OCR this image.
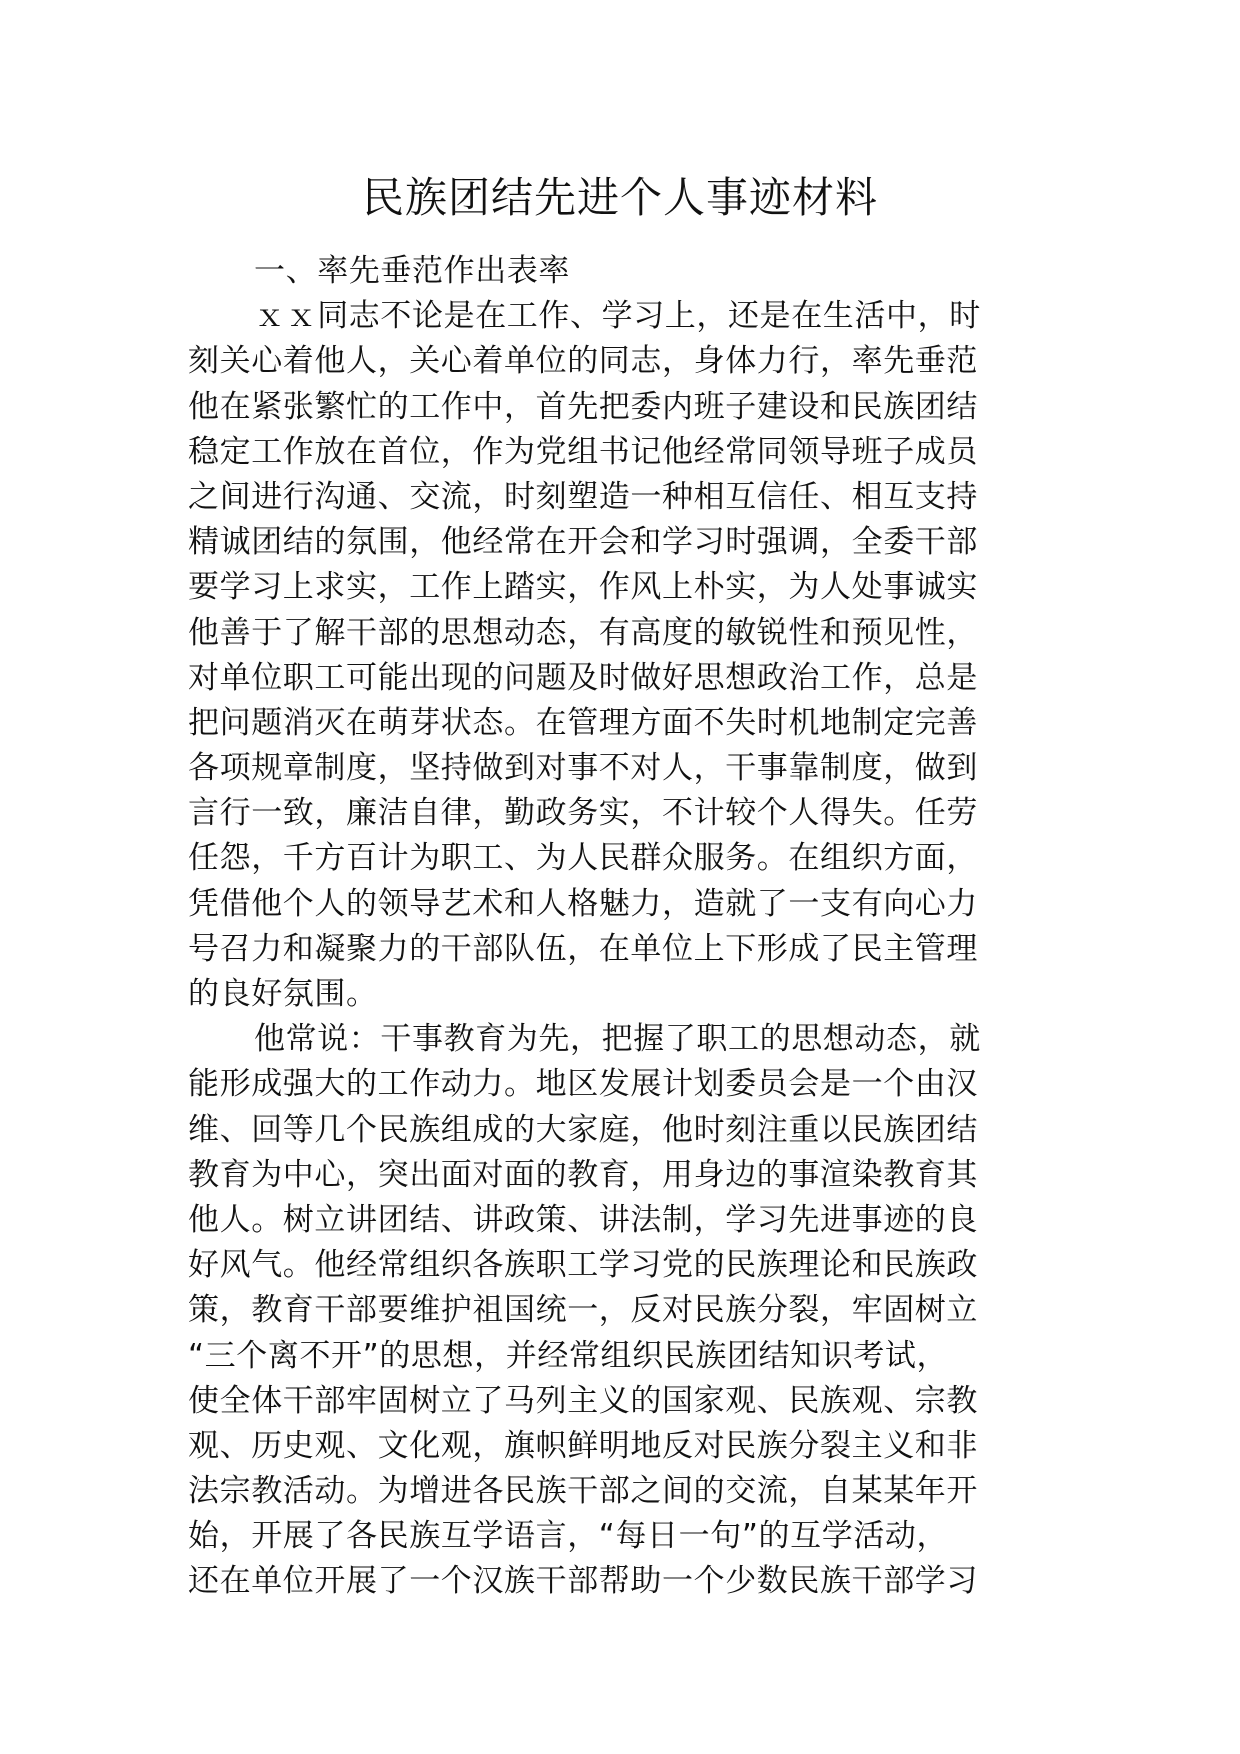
民族团结先进个人事迹材料
一、率先垂范作出表率
ｘｘ同志不论是在工作、学习上，还是在生活中，时
刻关心着他人，关心着单位的同志，身体力行，率先垂范
他在紧张繁忙的工作中，首先把委内班子建设和民族团结
稳定工作放在首位，作为党组书记他经常同领导班子成员
之间进行沟通、交流，时刻塑造一种相互信任、相互支持
精诚团结的氛围，他经常在开会和学习时强调，全委干部
要学习上求实，工作上踏实，作风上朴实，为人处事诚实
他善于了解干部的思想动态，有高度的敏锐性和预见性，
对单位职工可能出现的问题及时做好思想政治工作，总是
把问题消灭在萌芽状态。在管理方面不失时机地制定完善
各项规章制度，坚持做到对事不对人，干事靠制度，做到
言行一致，廉洁自律，勤政务实，不计较个人得失。任劳
任怨，千方百计为职工、为人民群众服务。在组织方面，
凭借他个人的领导艺术和人格魅力，造就了一支有向心力
号召力和凝聚力的干部队伍，在单位上下形成了民主管理
的良好氛围。
他常说：干事教育为先，把握了职工的思想动态，就
能形成强大的工作动力。地区发展计划委员会是一个由汉
维、回等几个民族组成的大家庭，他时刻注重以民族团结
教育为中心，突出面对面的教育，用身边的事渲染教育其
他人。树立讲团结、讲政策、讲法制，学习先进事迹的良
好风气。他经常组织各族职工学习党的民族理论和民族政
策，教育干部要维护祖国统一，反对民族分裂，牢固树立
“三个离不开”的思想，并经常组织民族团结知识考试，
使全体干部牢固树立了马列主义的国家观、民族观、宗教
观、历史观、文化观，旗帜鲜明地反对民族分裂主义和非
法宗教活动。为增进各民族干部之间的交流，自某某年开
始，开展了各民族互学语言，“每日一句”的互学活动，
还在单位开展了一个汉族干部帮助一个少数民族干部学习
